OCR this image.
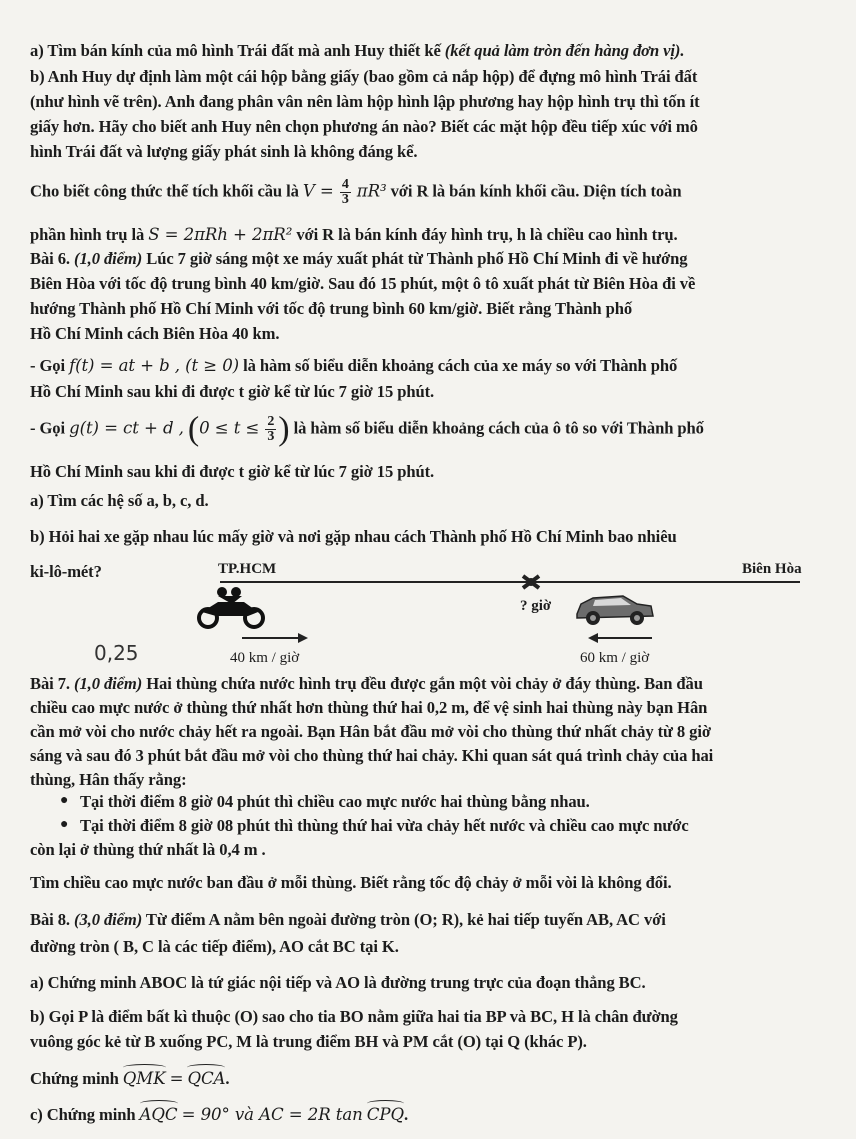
a) Tìm bán kính của mô hình Trái đất mà anh Huy thiết kế (kết quả làm tròn đến hàng đơn vị).
b) Anh Huy dự định làm một cái hộp bằng giấy (bao gồm cả nắp hộp) để đựng mô hình Trái đất
(như hình vẽ trên). Anh đang phân vân nên làm hộp hình lập phương hay hộp hình trụ thì tốn ít
giấy hơn. Hãy cho biết anh Huy nên chọn phương án nào? Biết các mặt hộp đều tiếp xúc với mô
hình Trái đất và lượng giấy phát sinh là không đáng kể.
Cho biết công thức thể tích khối cầu là $V = \frac{4}{3} \pi R^3$ với R là bán kính khối cầu. Diện tích toàn
phần hình trụ là S = 2πRh + 2πR² với R là bán kính đáy hình trụ, h là chiều cao hình trụ.
Bài 6. (1,0 điểm) Lúc 7 giờ sáng một xe máy xuất phát từ Thành phố Hồ Chí Minh đi về hướng
Biên Hòa với tốc độ trung bình 40 km/giờ. Sau đó 15 phút, một ô tô xuất phát từ Biên Hòa đi về
hướng Thành phố Hồ Chí Minh với tốc độ trung bình 60 km/giờ. Biết rằng Thành phố
Hồ Chí Minh cách Biên Hòa 40 km.
- Gọi f(t) = at + b , (t ≥ 0) là hàm số biểu diễn khoảng cách của xe máy so với Thành phố
Hồ Chí Minh sau khi đi được t giờ kể từ lúc 7 giờ 15 phút.
- Gọi g(t) = ct + d , ($0 \le t \le \frac{2}{3}$ ) là hàm số biểu diễn khoảng cách của ô tô so với Thành phố
Hồ Chí Minh sau khi đi được t giờ kể từ lúc 7 giờ 15 phút.
a) Tìm các hệ số a, b, c, d.
b) Hỏi hai xe gặp nhau lúc mấy giờ và nơi gặp nhau cách Thành phố Hồ Chí Minh bao nhiêu
ki-lô-mét?	TP.HCM	Biên Hòa
? giờ
40 km / giờ	60 km / giờ
0,25
Bài 7. (1,0 điểm) Hai thùng chứa nước hình trụ đều được gắn một vòi chảy ở đáy thùng. Ban đầu
chiều cao mực nước ở thùng thứ nhất hơn thùng thứ hai 0,2 m, để vệ sinh hai thùng này bạn Hân
cần mở vòi cho nước chảy hết ra ngoài. Bạn Hân bắt đầu mở vòi cho thùng thứ nhất chảy từ 8 giờ
sáng và sau đó 3 phút bắt đầu mở vòi cho thùng thứ hai chảy. Khi quan sát quá trình chảy của hai
thùng, Hân thấy rằng:
● Tại thời điểm 8 giờ 04 phút thì chiều cao mực nước hai thùng bằng nhau.
● Tại thời điểm 8 giờ 08 phút thì thùng thứ hai vừa chảy hết nước và chiều cao mực nước
còn lại ở thùng thứ nhất là 0,4 m .
Tìm chiều cao mực nước ban đầu ở mỗi thùng. Biết rằng tốc độ chảy ở mỗi vòi là không đổi.
Bài 8. (3,0 điểm) Từ điểm A nằm bên ngoài đường tròn (O; R), kẻ hai tiếp tuyến AB, AC với
đường tròn ( B, C là các tiếp điểm), AO cắt BC tại K.
a) Chứng minh ABOC là tứ giác nội tiếp và AO là đường trung trực của đoạn thẳng BC.
b) Gọi P là điểm bất kì thuộc (O) sao cho tia BO nằm giữa hai tia BP và BC, H là chân đường
vuông góc kẻ từ B xuống PC, M là trung điểm BH và PM cắt (O) tại Q (khác P).
Chứng minh QMK = QCA.
c) Chứng minh AQC = 90° và AC = 2R tan CPQ.
